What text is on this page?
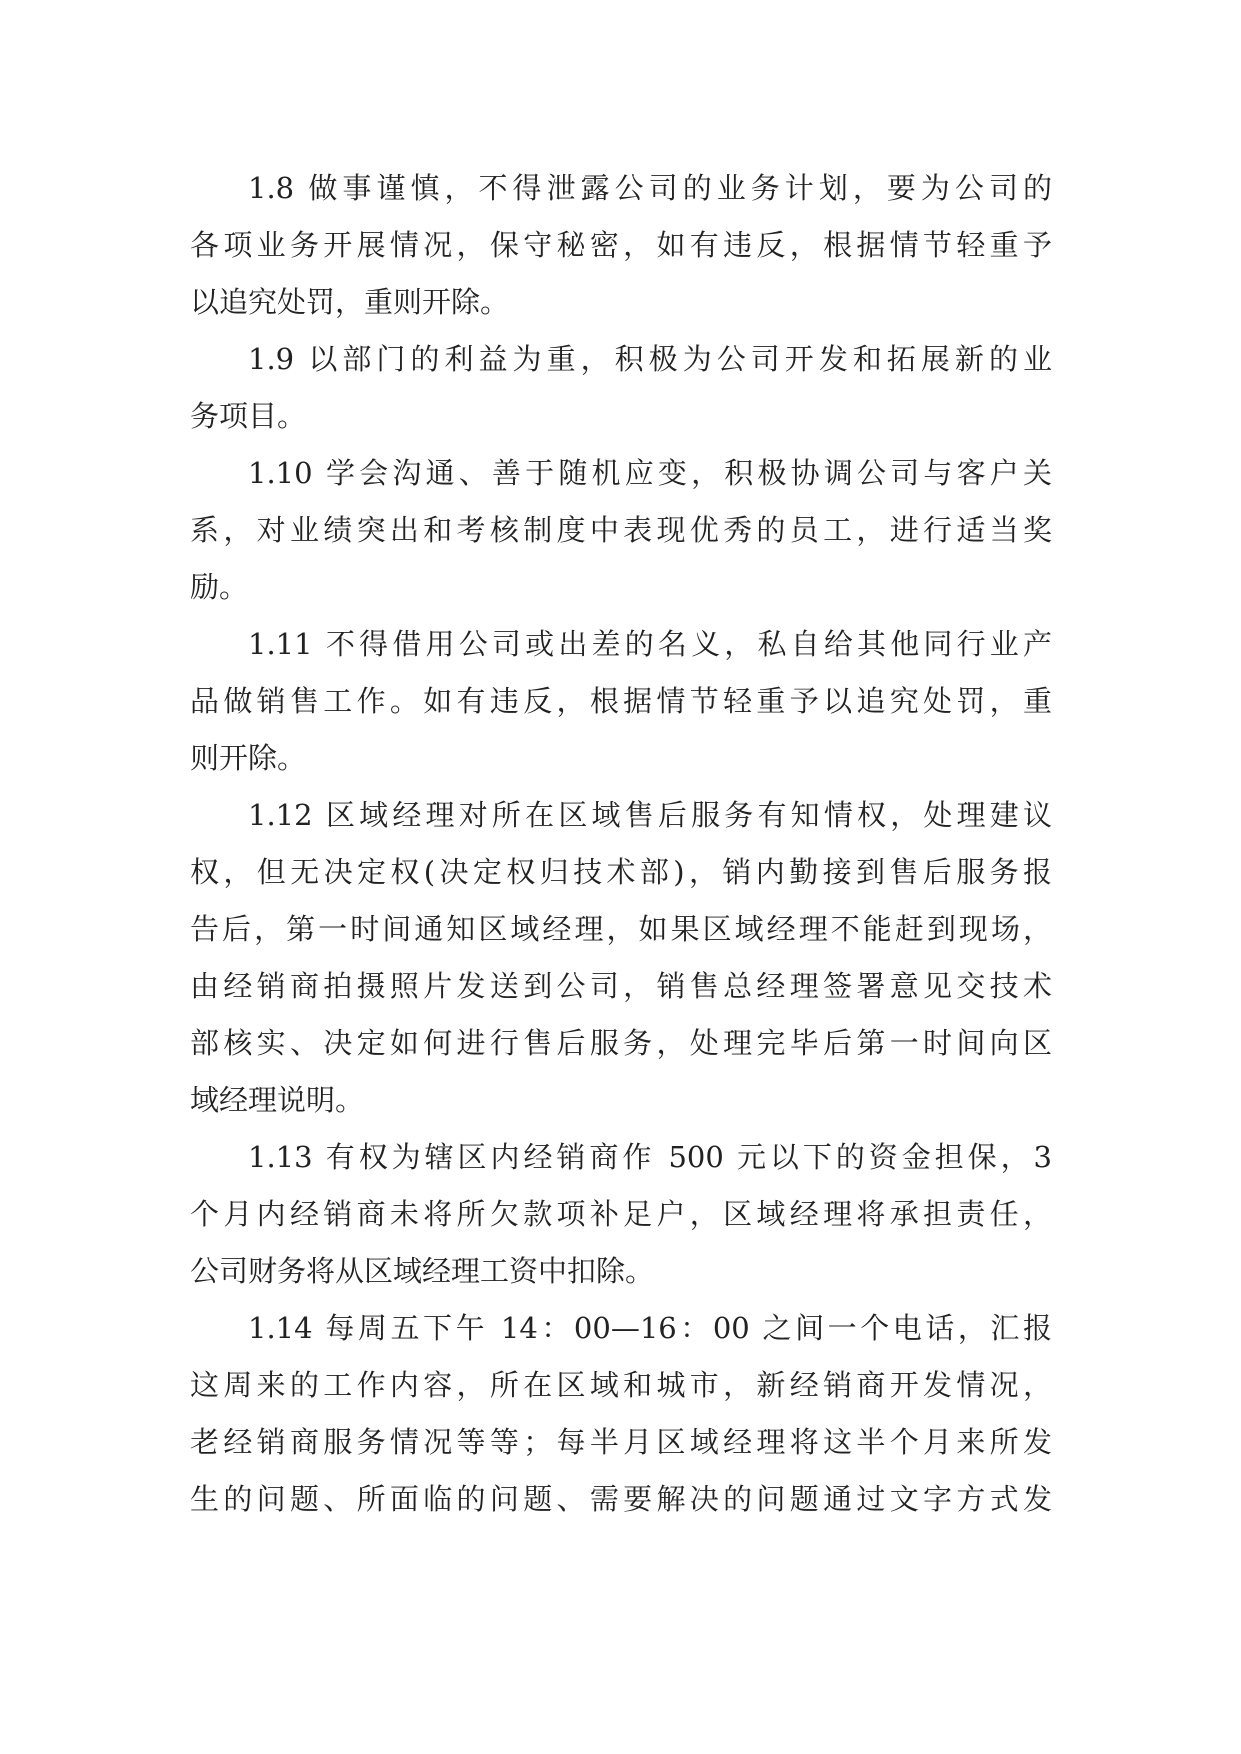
1.8 做事谨慎，不得泄露公司的业务计划，要为公司的
各项业务开展情况，保守秘密，如有违反，根据情节轻重予
以追究处罚，重则开除。
1.9 以部门的利益为重，积极为公司开发和拓展新的业
务项目。
1.10 学会沟通、善于随机应变，积极协调公司与客户关
系，对业绩突出和考核制度中表现优秀的员工，进行适当奖
励。
1.11 不得借用公司或出差的名义，私自给其他同行业产
品做销售工作。如有违反，根据情节轻重予以追究处罚，重
则开除。
1.12 区域经理对所在区域售后服务有知情权，处理建议
权，但无决定权(决定权归技术部)，销内勤接到售后服务报
告后，第一时间通知区域经理，如果区域经理不能赶到现场，
由经销商拍摄照片发送到公司，销售总经理签署意见交技术
部核实、决定如何进行售后服务，处理完毕后第一时间向区
域经理说明。
1.13 有权为辖区内经销商作 500 元以下的资金担保，3
个月内经销商未将所欠款项补足户，区域经理将承担责任，
公司财务将从区域经理工资中扣除。
1.14 每周五下午 14：00—16：00 之间一个电话，汇报
这周来的工作内容，所在区域和城市，新经销商开发情况，
老经销商服务情况等等；每半月区域经理将这半个月来所发
生的问题、所面临的问题、需要解决的问题通过文字方式发
